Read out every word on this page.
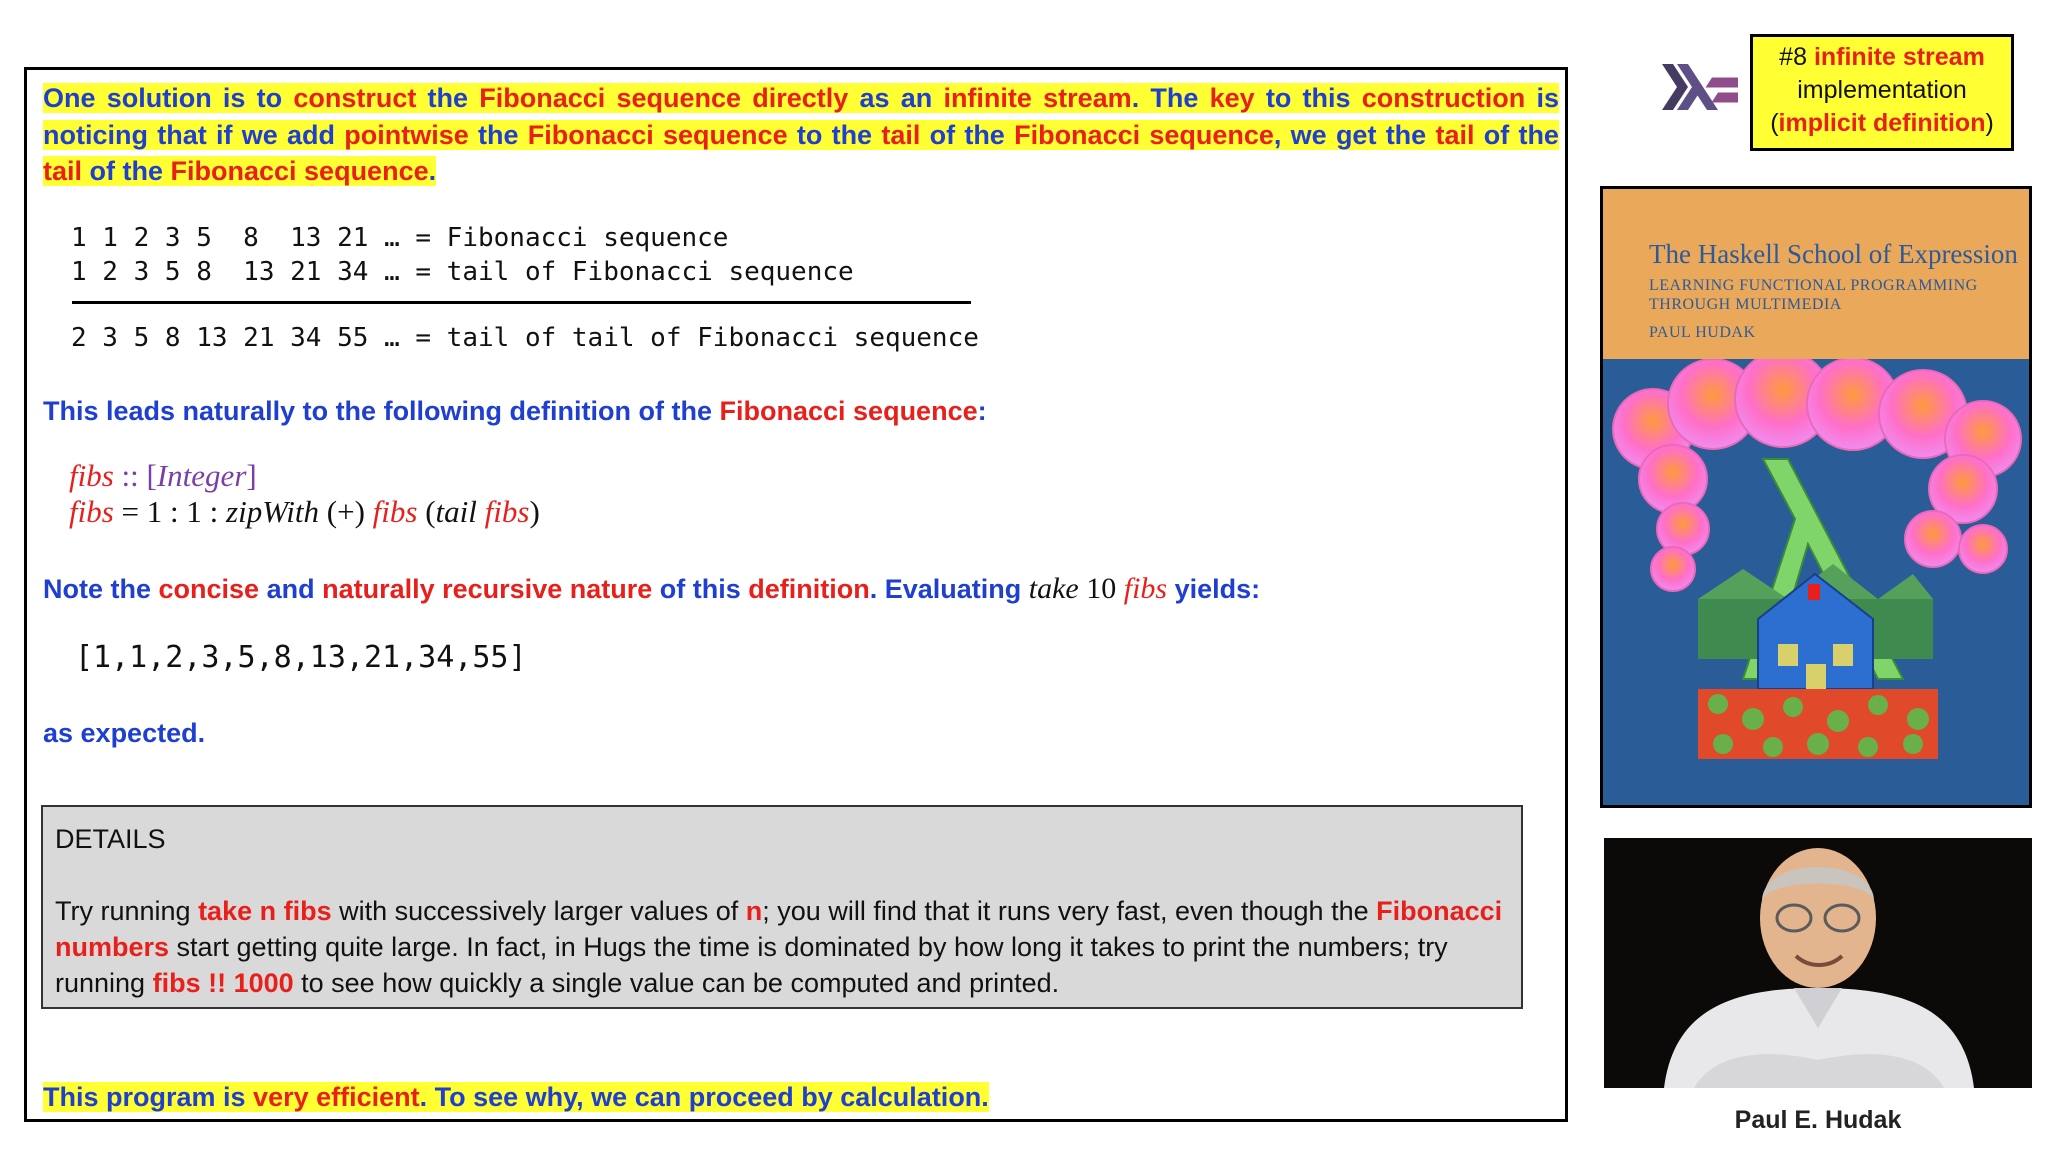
One solution is to construct the Fibonacci sequence directly as an infinite stream. The key to this construction is noticing that if we add pointwise the Fibonacci sequence to the tail of the Fibonacci sequence, we get the tail of the tail of the Fibonacci sequence.

1 1 2 3 5  8  13 21 … = Fibonacci sequence

1 2 3 5 8  13 21 34 … = tail of Fibonacci sequence

2 3 5 8 13 21 34 55 … = tail of tail of Fibonacci sequence

This leads naturally to the following definition of the Fibonacci sequence:

fibs :: [Integer]

fibs = 1 : 1 : zipWith (+) fibs (tail fibs)

Note the concise and naturally recursive nature of this definition. Evaluating take 10 fibs yields:

[1,1,2,3,5,8,13,21,34,55]

as expected.

DETAILS

Try running take n fibs with successively larger values of n; you will find that it runs very fast, even though the Fibonacci numbers start getting quite large. In fact, in Hugs the time is dominated by how long it takes to print the numbers; try running fibs !! 1000 to see how quickly a single value can be computed and printed.

This program is very efficient. To see why, we can proceed by calculation.

#8 infinite stream
implementation
(implicit definition)

The Haskell School of Expression

LEARNING FUNCTIONAL PROGRAMMING

THROUGH MULTIMEDIA

PAUL HUDAK

Paul E. Hudak
